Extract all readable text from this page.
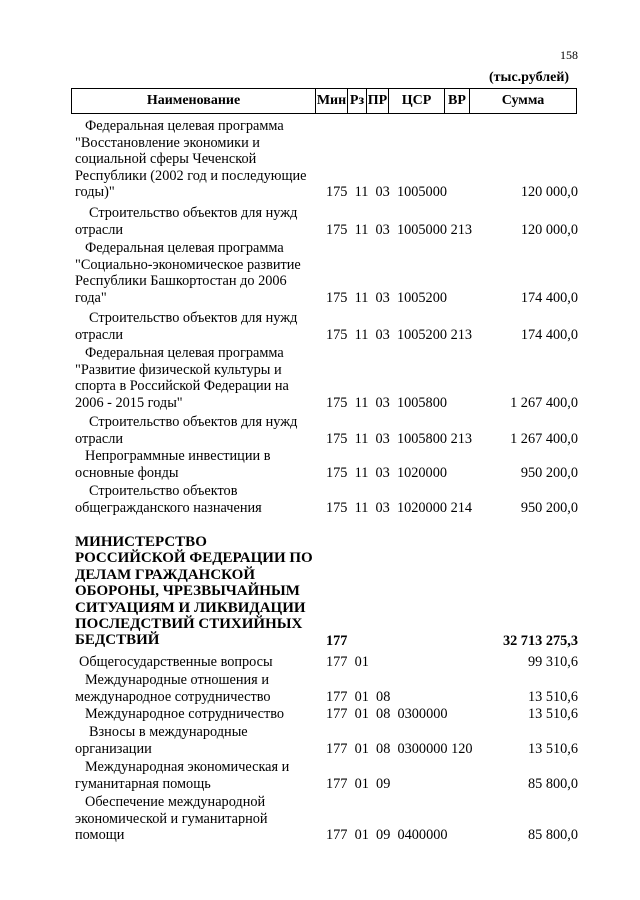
158
(тыс.рублей)
Наименование	Мин Рз ПР	ЦСР	ВР	Сумма
Федеральная целевая программа
"Восстановление экономики и
социальной сферы Чеченской
Республики (2002 год и последующие
годы)"	175  11  03  1005000	120 000,0
Строительство объектов для нужд
отрасли	175  11  03  1005000 213	120 000,0
Федеральная целевая программа
"Социально-экономическое развитие
Республики Башкортостан до 2006
года"	175  11  03  1005200	174 400,0
Строительство объектов для нужд
отрасли	175  11  03  1005200 213	174 400,0
Федеральная целевая программа
"Развитие физической культуры и
спорта в Российской Федерации на
2006 - 2015 годы"	175  11  03  1005800	1 267 400,0
Строительство объектов для нужд
отрасли	175  11  03  1005800 213	1 267 400,0
Непрограммные инвестиции в
основные фонды	175  11  03  1020000	950 200,0
Строительство объектов
общегражданского назначения	175  11  03  1020000 214	950 200,0
МИНИСТЕРСТВО
РОССИЙСКОЙ ФЕДЕРАЦИИ ПО
ДЕЛАМ ГРАЖДАНСКОЙ
ОБОРОНЫ, ЧРЕЗВЫЧАЙНЫМ
СИТУАЦИЯМ И ЛИКВИДАЦИИ
ПОСЛЕДСТВИЙ СТИХИЙНЫХ
БЕДСТВИЙ	177	32 713 275,3
Общегосударственные вопросы	177  01	99 310,6
Международные отношения и
международное сотрудничество	177  01  08	13 510,6
Международное сотрудничество	177  01  08  0300000	13 510,6
Взносы в международные
организации	177  01  08  0300000 120	13 510,6
Международная экономическая и
гуманитарная помощь	177  01  09	85 800,0
Обеспечение международной
экономической и гуманитарной
помощи	177  01  09  0400000	85 800,0
